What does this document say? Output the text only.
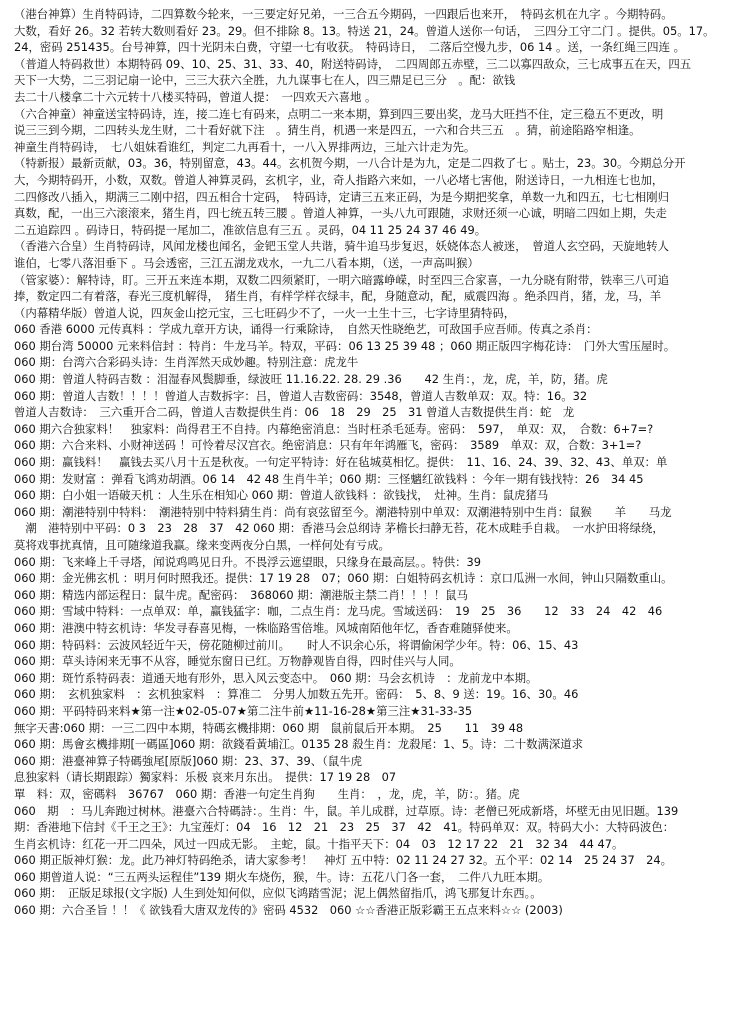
（港台神算）生肖特码诗，二四算数今轮来，一三要定好兄弟，一三合五今期码，一四跟后也来开，　特码玄机在九字 。今期特码。
大数，看好 26。32 若转大数则看好 23。29。但不排除 8。13。特送 21，24。曾道人送你一句话，　三四分工守二门 。提供。05。17。
24，密码 251435。台号神算，四十光阴未白费，守望一七有收获。　特码诗日，　二落后空慢九步，06 14 。送，一条红绳三四连 。
（普道人特码救世）本期特码 09、10、25、31、33、40，附送特码诗，　二四周郎五赤壁，三二以寡四敌众，三七成事五在天，四五
天下一大势，二三羽记扇一论中，三三大获六全胜，九九谋事七在人，四三鼎足已三分　。配：欲钱
去二十八楼拿二十六元转十八楼买特码，曾道人提：　一四欢天六喜地 。
（六合神童）神童送宝特码诗，连，接二连七有码来，点明二一来本期，算到四三要出奖，龙马大旺挡不住，定三稳五不更改，明
说三三到今期，二四转头龙生财，二十看好就下注　。猜生肖，机遇一来是四五，一六和合共三五　。猜，前途陷路窄相逢。
神童生肖特码诗，　七八姐妹看谁红，判定二九再看十，一八入界排两边，三址六计走为先。
（特新报）最新贡献，03。36，特别留意，43。44。玄机贺今期，一八合计是为九，定是二四救了七 。贴士，23。30。今期总分开
大，今期特码开，小数，双数。曾道人神算灵码，玄机字，业，奇人指路六来如，一八必堵七害他，附送诗日，一九相连七也加，
二四修改八插入，期满三二刚中招，四五相合十定码，　特码诗，定请三五来正码，为是今期把奖拿，单数一九和四五，七七相刚归
真数，配，一出三六滚滚来，猪生肖，四七统五转三腰 。曾道人神算，一头八九可跟随，求财还须一心诚，明暗二四如上期，失走
二五追踪四 。码诗日，特码提一尾加二，准欲信息有三五 。灵码，04 11 25 24 37 46 49。
（香港六合皇）生肖特码诗，风闻龙楼也闻名，金钯玉堂人共谐，骑牛追马步复迟，妖娆体态人被迷，　曾道人玄空码，天旋地转人
谁伯，七零八落泪垂下 。马会透密，三江五湖龙戏水，一九二八看本期，（送，一声高叫猴）
（管家婆）：解特诗，盯。三开五来连本期，双数二四须紧盯，一明六暗露峥嵘，时至四三合家喜，一九分晓有附带，铁率三八可追
捧，数定四二有着落，春光三度机解得，　猪生肖，有样学样衣绿丰，配，身随意动，配，威震四海 。绝杀四肖，猪，龙，马，羊
（内幕精华版）曾道人说，四灰金山挖元宝，三七旺码少不了，一火一土生十三，七字诗里猜特码，
060 香港 6000 元传真料 ：学成九章开方诀，诵得一行乘除诗，　自然天性晓绝艺，可敌国手应吾师。传真之杀肖：
060 期台湾 50000 元来料信封 ：特肖：牛龙马羊。特双，平码：06 13 25 39 48 ；060 期正版四字梅花诗：　门外大雪压屋时。
060 期：台湾六合彩码头诗：生肖浑然天成妙趣。特别注意：虎龙牛
060 期：曾道人特码吉数 ：泪湿春风鬓脚垂，绿波旺 11.16.22. 28. 29 .36　　42 生肖：，龙，虎，羊，防，猪。虎
060 期：曾道人吉数！！！！曾道人吉数拆字：吕，曾道人吉数密码：3548，曾道人吉数单双：双。特：16。32
曾道人吉数诗：　三六重开合二码，曾道人吉数提供生肖：06　18　29　25　31 曾道人吉数提供生肖：蛇　龙
060 期六合独家料！　独家料：尚得君王不自持。内幕绝密消息：当时枉杀毛延寿。密码：　597，　单双：双，　合数：6+7=?
060 期：六合来料、小财神送码 ！可怜着尽汉宫衣。绝密消息：只有年年鸿雁飞，密码：　3589　单双：双，合数：3+1=?
060 期：赢钱料！　赢钱去买八月十五是秋夜。一句定平特诗：好在毡城莫相忆。提供：　11、16、24、39、32、43、单双：单
060 期：发财富 ：弹看飞鸿劝胡酒。06 14　42 48 生肖牛羊；060 期：三怪魑红欲钱料 ：今年一期有钱找特：26　34 45
060 期：白小姐一语破天机 ：人生乐在相知心 060 期：曾道人欲钱料 ：欲钱找，　灶神。生肖：鼠虎猪马
060 期：潮港特别中特料：　潮港特别中特料猜生肖：尚有哀弦留至今。潮港特别中单双：双潮港特别中生肖：鼠猴　　羊　　马龙
　潮　港特别中平码：0 3　23　28　37　42 060 期：香港马会总纲诗 茅檐长扫静无苔，花木成畦手自栽。　一水护田将绿绕，
莫将戏事扰真情，且可随缘道我赢。缘来变两夜分白黑，一样何处有亏成。
060 期：飞来峰上千寻塔，闻说鸡鸣见日升。不畏浮云遮望眼，只缘身在最高层。。特供：39
060 期：金光佛玄机 ：明月何时照我还。提供：17 19 28　07；060 期：白姐特码玄机诗 ：京口瓜洲一水间，钟山只隔数重山。
060 期：精选内部运程日：鼠牛虎。配密码：　368060 期：潮港版主禁二肖！！！！鼠马
060 期：雪域中特料：一点单双：单，赢钱猛字：咖，二点生肖：龙马虎。雪域送码：　19　25　36　　12　33　24　42　46
060 期：港澳中特玄机诗：华发寻春喜见梅，一株临路雪倍堆。风城南陌他年忆，香杳难随驿使来。
060 期：特码料：云波风轻近午天，傍花随柳过前川。　　时人不识余心乐，将谓偷闲学少年。特：06、15、43
060 期：草头诗闲来无事不从容，睡觉东窗日已红。万物静观皆自得，四时佳兴与人同。
060 期：斑竹系特码表：道通天地有形外，思入风云变态中。　060 期：马会玄机诗　：龙前龙中本期。
060 期：　玄机独家料　：玄机独家料　：算准二　分男人加数五先开。密码：　5、8、9 送：19。16、30。46
060 期：平码特码来料★第一注★02-05-07★第二注牛前★11-16-28★第三注★31-33-35
無字天書:060 期：一三二四中本期，特碼玄機排期：060 期　鼠前鼠后开本期。　25　　11　39 48
060 期：馬會玄機排期[一碼區]060 期：欲錢看黃埔江。0135 28 殺生肖：龙殺尾：1、5。诗：二十数满深道求
060 期：港臺神算子特碼強尾[原版]060 期：23、37、39、（鼠牛虎
息独家料（请长期跟踪）獨家料：乐极 哀来月东出。　提供：17 19 28　07
單　料：双，密碼料　36767　060 期：香港一句定生肖狗　　生肖：　，龙，虎，羊，防：。猪。虎
060　期　：马儿奔跑过树林。港臺六合特碼詩：。生肖：牛，鼠。羊儿成群，过草原。诗：老僧已死成新塔，坏壁无由见旧题。139
期：香港地下信封《千王之王》：九宝莲灯：04　16　12　21　23　25　37　42　41。特码单双：双。特码大小：大特码波色：
生肖玄机诗：红花一开二四朵，风过一四成无影。　主蛇，鼠。十指平天下：04　03　12 17 22　21　32 34　44 47。
060 期正版神灯猴：龙。此乃神灯特码绝杀，请大家参考！　神灯 五中特：02 11 24 27 32。五个平：02 14　25 24 37　24。
060 期曾道人说：“三五两头运程佳”139 期火车烧伤，猴，牛。诗：五花八门各一套，　二件八九旺本期。
060 期：　正版足球报(文字版) 人生到处知何似，应似飞鸿踏雪泥；泥上偶然留指爪，鸿飞那复计东西。。
060 期：六合圣旨 ！！《 欲钱看大唐双龙传的》密码 4532　060 ☆☆香港正版彩霸王五点来料☆☆ (2003)
